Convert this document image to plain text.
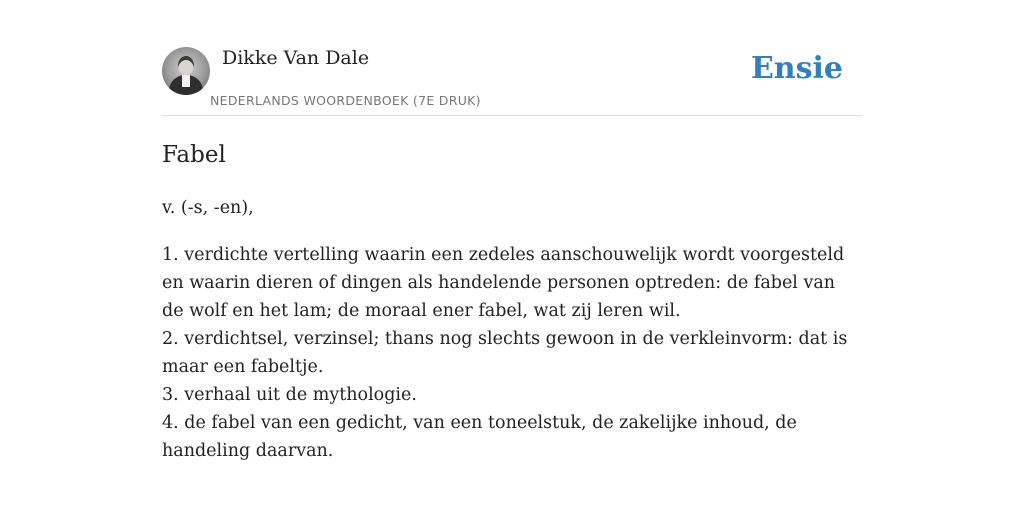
Dikke Van Dale
NEDERLANDS WOORDENBOEK (7E DRUK)
Ensie
Fabel

v. (-s, -en),

1. verdichte vertelling waarin een zedeles aanschouwelijk wordt voorgesteld en waarin dieren of dingen als handelende personen optreden: de fabel van de wolf en het lam; de moraal ener fabel, wat zij leren wil.
2. verdichtsel, verzinsel; thans nog slechts gewoon in de verkleinvorm: dat is maar een fabeltje.
3. verhaal uit de mythologie.
4. de fabel van een gedicht, van een toneelstuk, de zakelijke inhoud, de handeling daarvan.
